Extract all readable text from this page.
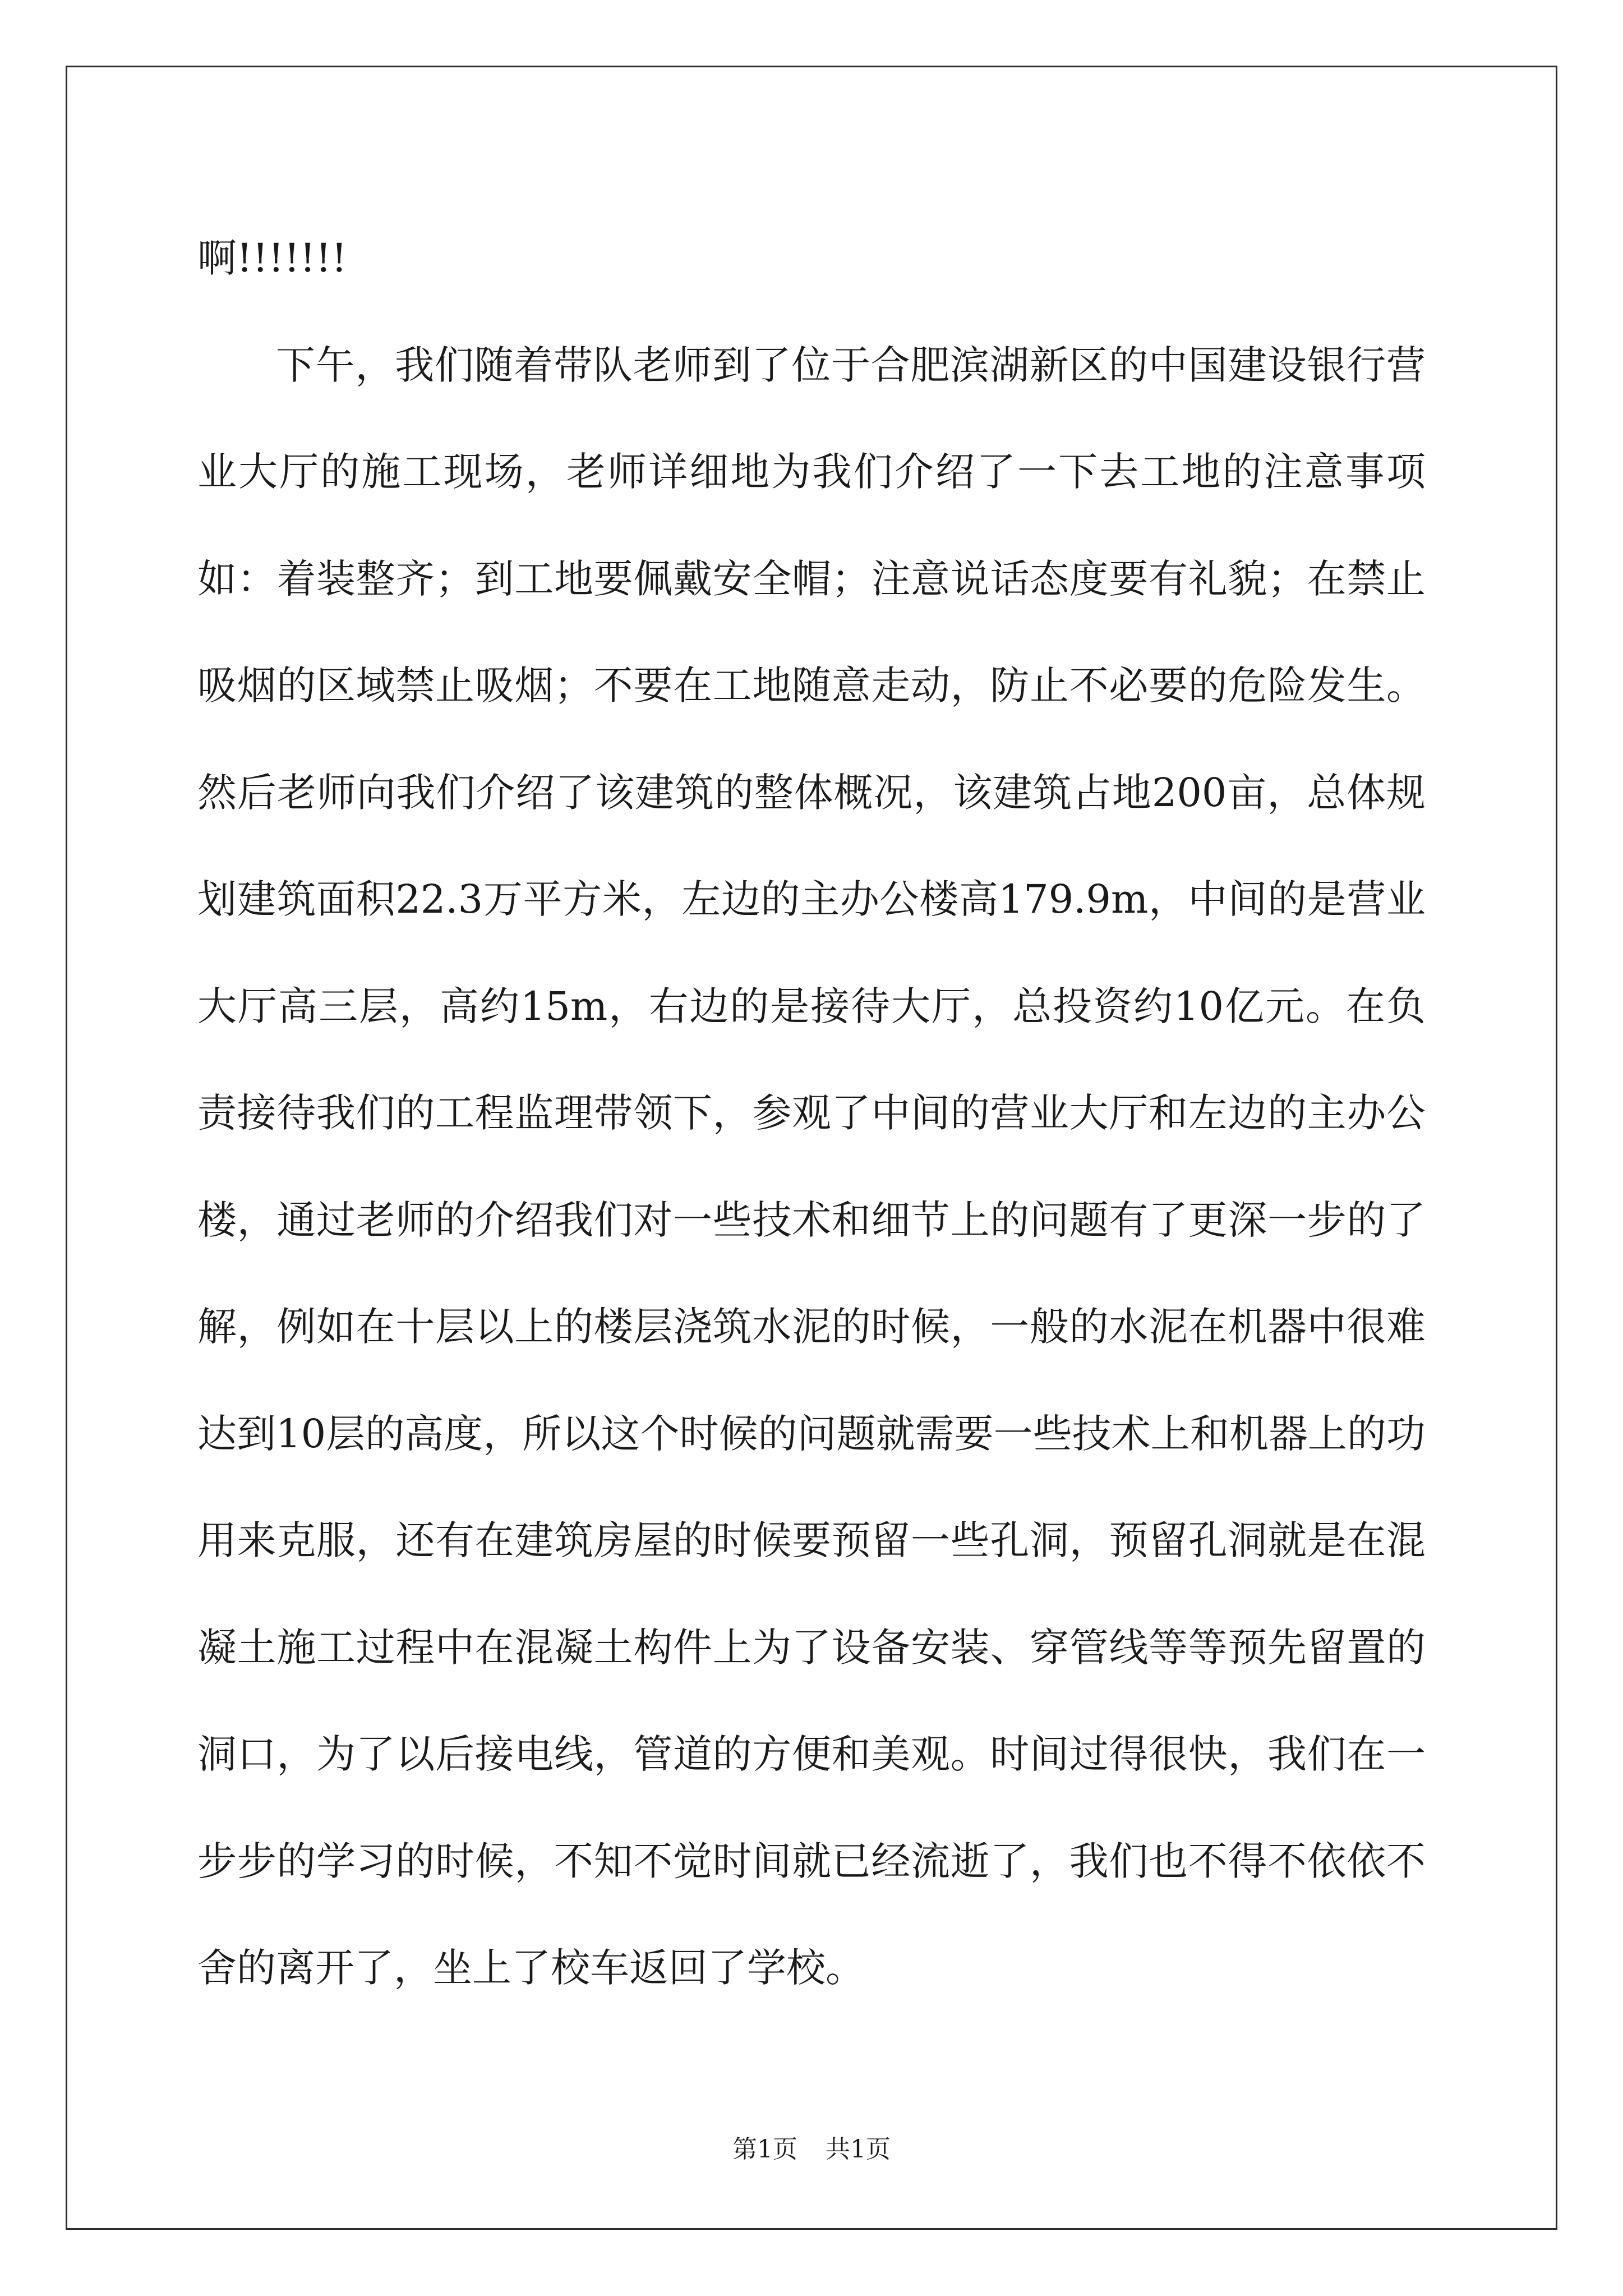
啊!!!!!!!

下午，我们随着带队老师到了位于合肥滨湖新区的中国建设银行营业大厅的施工现场，老师详细地为我们介绍了一下去工地的注意事项如：着装整齐；到工地要佩戴安全帽；注意说话态度要有礼貌；在禁止吸烟的区域禁止吸烟；不要在工地随意走动，防止不必要的危险发生。然后老师向我们介绍了该建筑的整体概况，该建筑占地200亩，总体规划建筑面积22.3万平方米，左边的主办公楼高179.9m，中间的是营业大厅高三层，高约15m，右边的是接待大厅，总投资约10亿元。在负责接待我们的工程监理带领下，参观了中间的营业大厅和左边的主办公楼，通过老师的介绍我们对一些技术和细节上的问题有了更深一步的了解，例如在十层以上的楼层浇筑水泥的时候，一般的水泥在机器中很难达到10层的高度，所以这个时候的问题就需要一些技术上和机器上的功用来克服，还有在建筑房屋的时候要预留一些孔洞，预留孔洞就是在混凝土施工过程中在混凝土构件上为了设备安装、穿管线等等预先留置的洞口，为了以后接电线，管道的方便和美观。时间过得很快，我们在一步步的学习的时候，不知不觉时间就已经流逝了，我们也不得不依依不舍的离开了，坐上了校车返回了学校。

第1页 共1页
